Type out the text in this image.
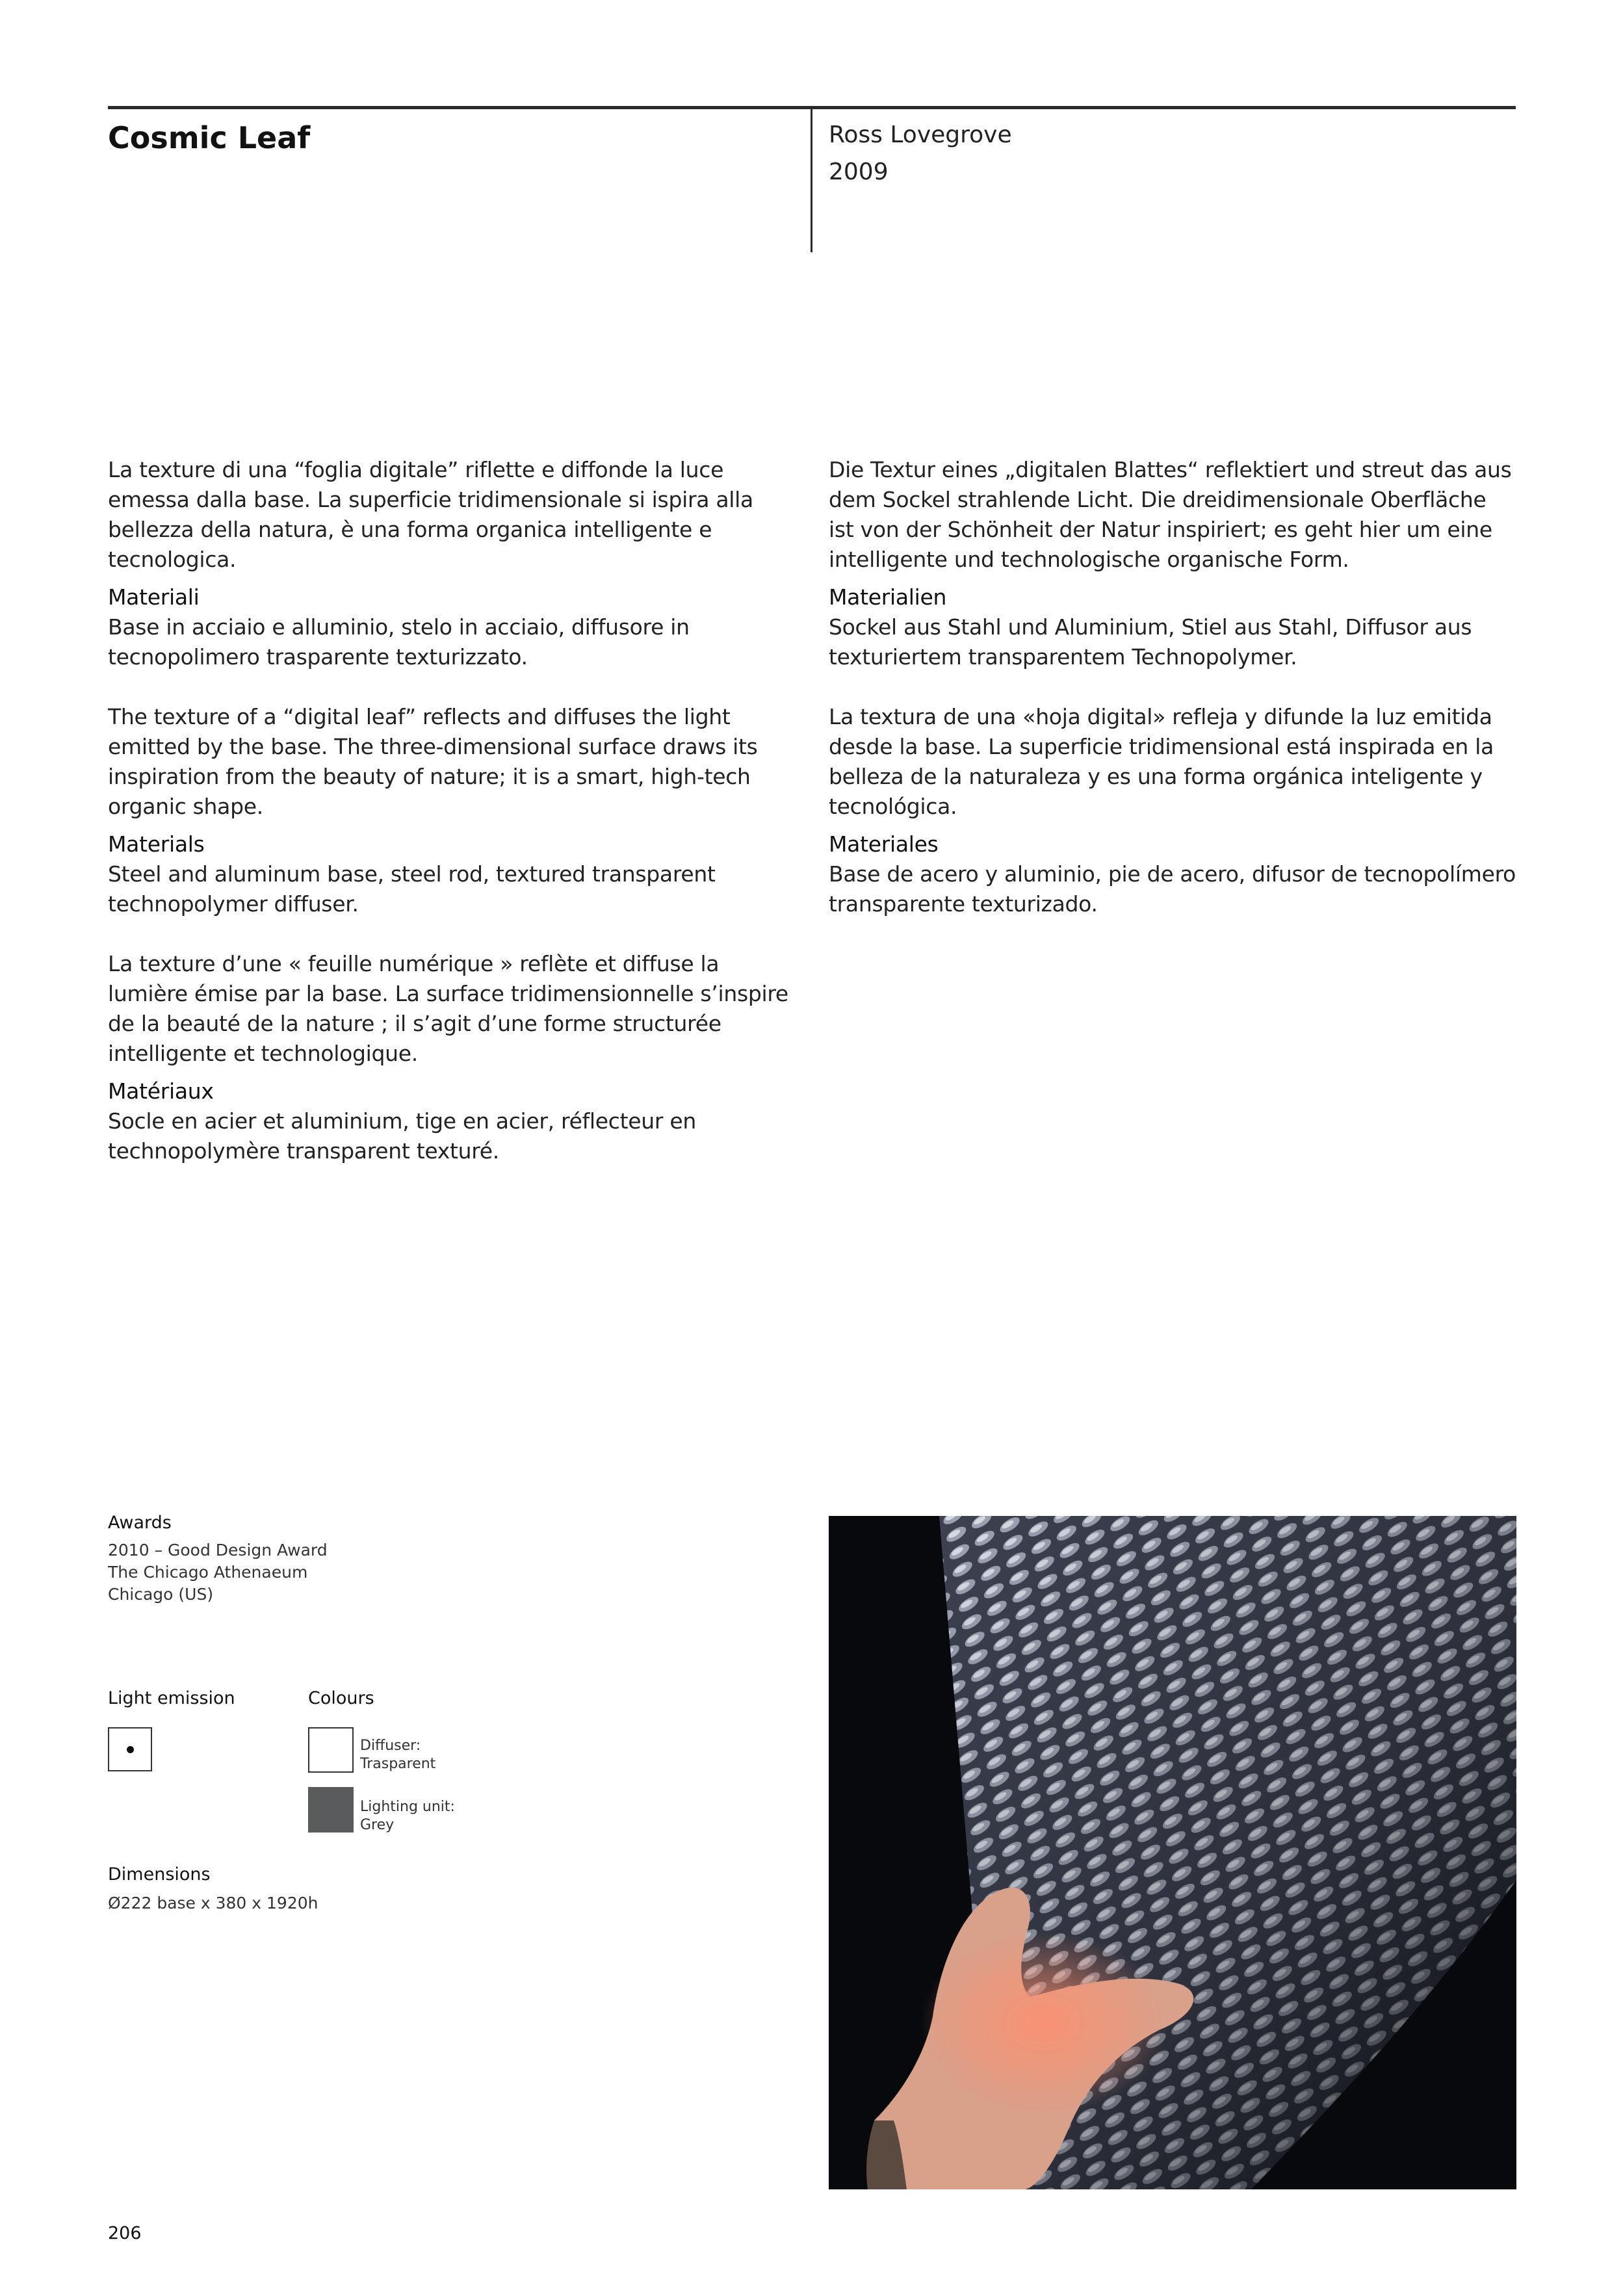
Cosmic Leaf	Ross Lovegrove
2009

La texture di una “foglia digitale” riflette e diffonde la luce emessa dalla base. La superficie tridimensionale si ispira alla bellezza della natura, è una forma organica intelligente e tecnologica.

Materiali

Base in acciaio e alluminio, stelo in acciaio, diffusore in tecnopolimero trasparente texturizzato.

The texture of a “digital leaf” reflects and diffuses the light emitted by the base. The three-dimensional surface draws its inspiration from the beauty of nature; it is a smart, high-tech organic shape.

Materials

Steel and aluminum base, steel rod, textured transparent technopolymer diffuser.

La texture d’une « feuille numérique » reflète et diffuse la lumière émise par la base. La surface tridimensionnelle s’inspire de la beauté de la nature ; il s’agit d’une forme structurée intelligente et technologique.

Matériaux

Socle en acier et aluminium, tige en acier, réflecteur en technopolymère transparent texturé.

Die Textur eines „digitalen Blattes“ reflektiert und streut das aus dem Sockel strahlende Licht. Die dreidimensionale Oberfläche ist von der Schönheit der Natur inspiriert; es geht hier um eine intelligente und technologische organische Form.

Materialien

Sockel aus Stahl und Aluminium, Stiel aus Stahl, Diffusor aus texturiertem transparentem Technopolymer.

La textura de una «hoja digital» refleja y difunde la luz emitida desde la base. La superficie tridimensional está inspirada en la belleza de la naturaleza y es una forma orgánica inteligente y tecnológica.

Materiales

Base de acero y aluminio, pie de acero, difusor de tecnopolímero transparente texturizado.

Awards
2010 – Good Design Award
The Chicago Athenaeum
Chicago (US)
Light emission	Colours
Diffuser:
Trasparent
Lighting unit:
Grey
Dimensions
Ø222 base x 380 x 1920h
206
